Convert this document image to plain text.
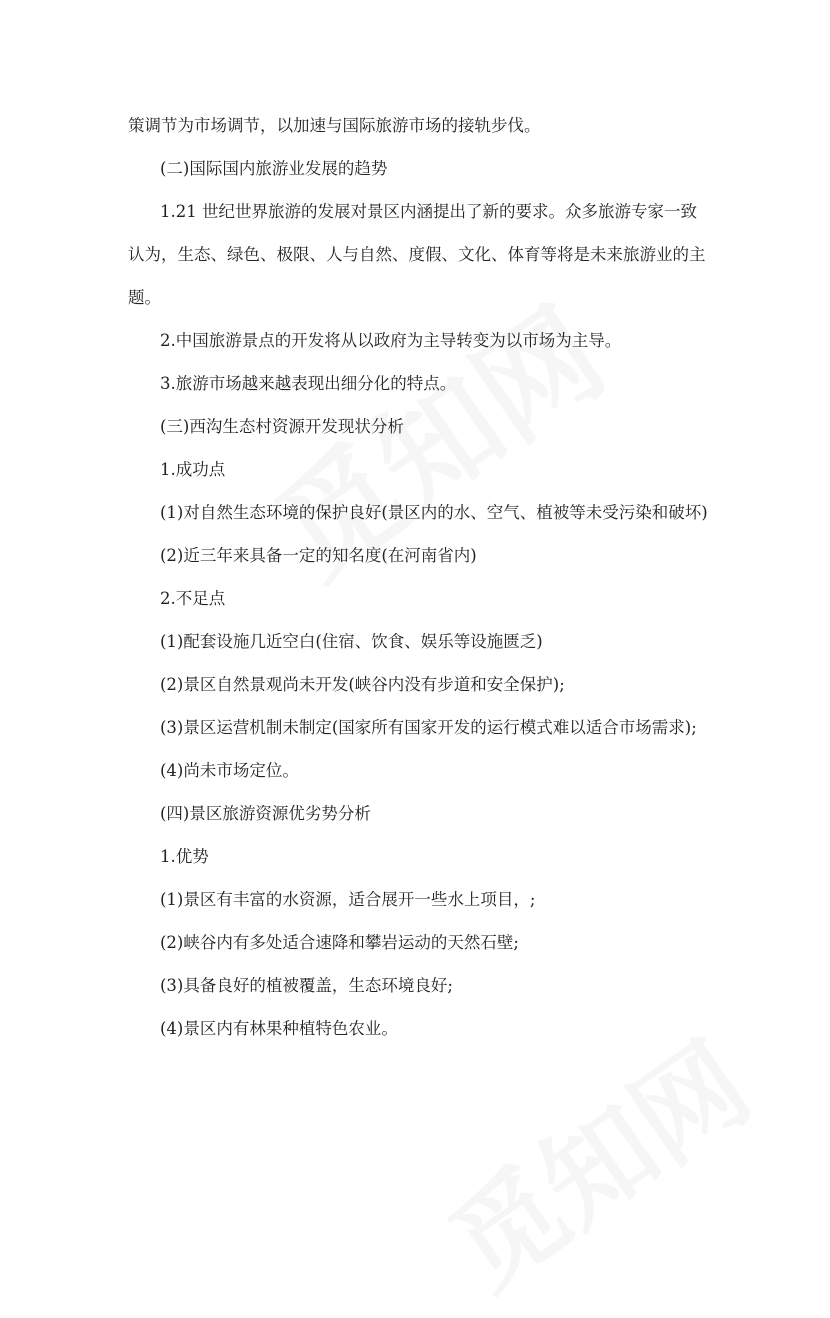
策调节为市场调节，以加速与国际旅游市场的接轨步伐。
(二)国际国内旅游业发展的趋势
1.21 世纪世界旅游的发展对景区内涵提出了新的要求。众多旅游专家一致
认为，生态、绿色、极限、人与自然、度假、文化、体育等将是未来旅游业的主
题。
2.中国旅游景点的开发将从以政府为主导转变为以市场为主导。
3.旅游市场越来越表现出细分化的特点。
(三)西沟生态村资源开发现状分析
1.成功点
(1)对自然生态环境的保护良好(景区内的水、空气、植被等未受污染和破坏)
(2)近三年来具备一定的知名度(在河南省内)
2.不足点
(1)配套设施几近空白(住宿、饮食、娱乐等设施匮乏)
(2)景区自然景观尚未开发(峡谷内没有步道和安全保护);
(3)景区运营机制未制定(国家所有国家开发的运行模式难以适合市场需求);
(4)尚未市场定位。
(四)景区旅游资源优劣势分析
1.优势
(1)景区有丰富的水资源，适合展开一些水上项目，;
(2)峡谷内有多处适合速降和攀岩运动的天然石壁;
(3)具备良好的植被覆盖，生态环境良好;
(4)景区内有林果种植特色农业。
